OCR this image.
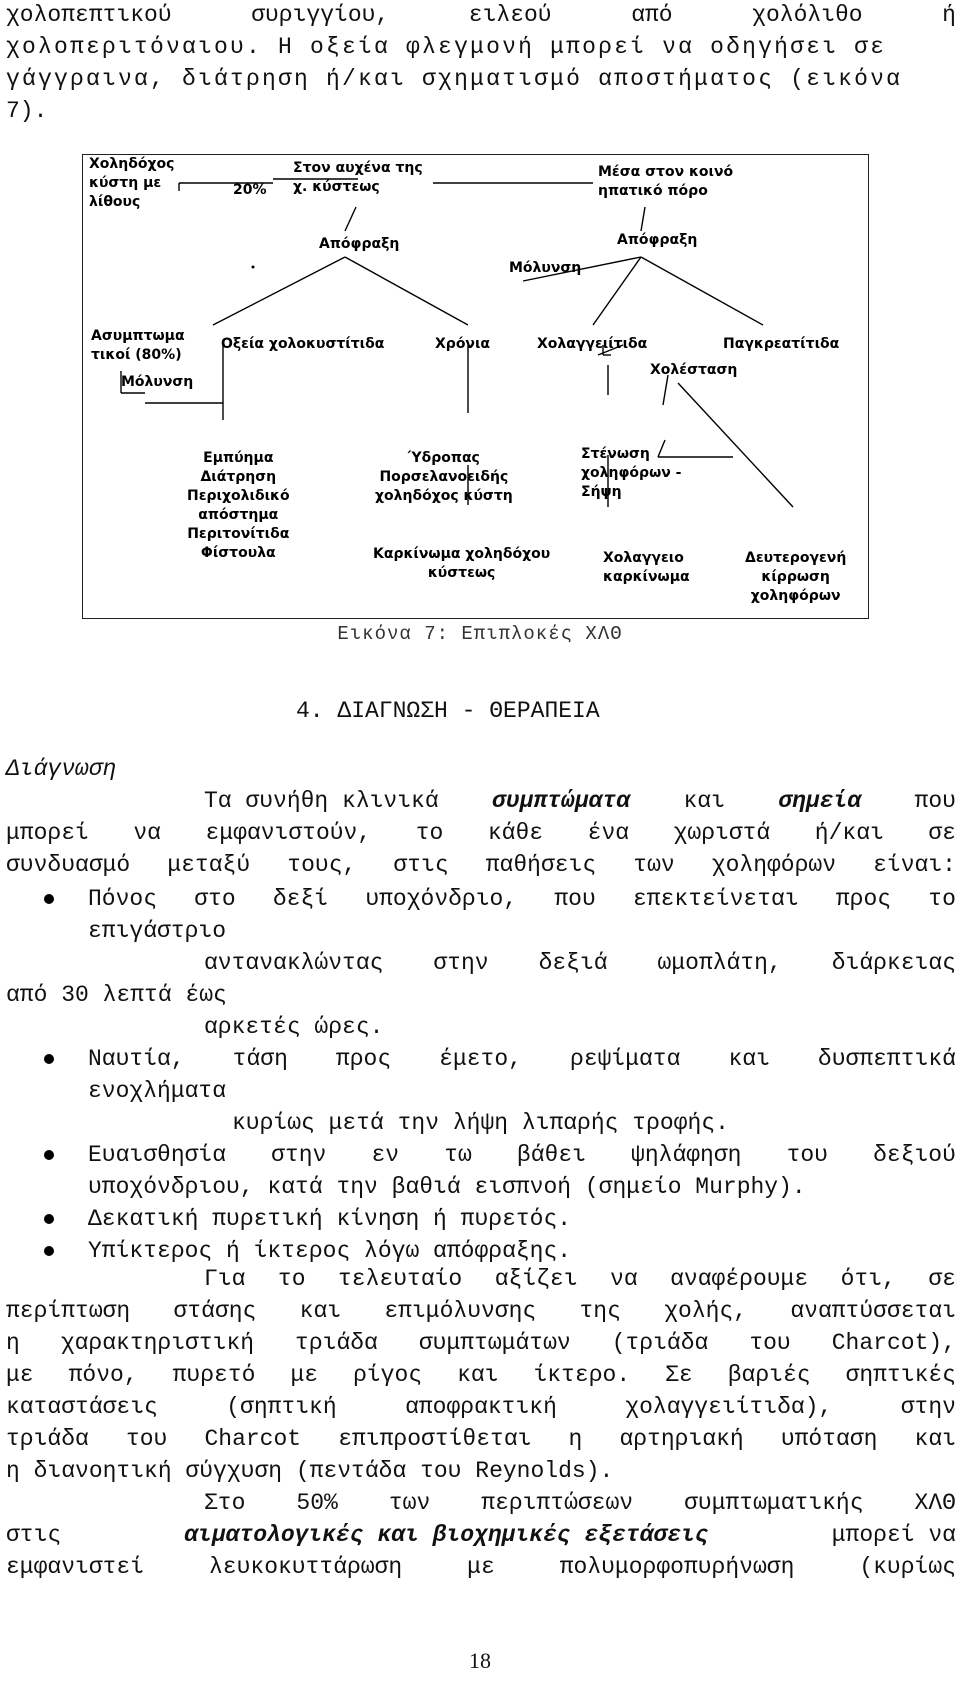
χολοπεπτικού	συριγγίου,	ειλεού	από	χολόλιθο	ή
χολοπεριτόναιου. Η οξεία φλεγμονή μπορεί να οδηγήσει σε
γάγγραινα, διάτρηση ή/και σχηματισμό αποστήματος (εικόνα
7).
Χοληδόχος
κύστη με
λίθους
20%
Στον αυχένα της
χ. κύστεως
Μέσα στον κοινό
ηπατικό πόρο
Απόφραξη	Απόφραξη
Μόλυνση
Ασυμπτωμα
τικοί (80%)
Οξεία χολοκυστίτιδα	Χρόνια	Χολαγγειίτιδα	Παγκρεατίτιδα
Χολέσταση
Μόλυνση
Εμπύημα
Διάτρηση
Περιχολιδικό
απόστημα
Περιτονίτιδα
Φίστουλα
Ύδροπας
Πορσελανοειδής
χοληδόχος κύστη
Στένωση
χοληφόρων -
Σήψη
Καρκίνωμα χοληδόχου
κύστεως
Χολαγγειο
καρκίνωμα
Δευτερογενή
κίρρωση
χοληφόρων
Εικόνα 7: Επιπλοκές ΧΛΘ
4. ΔΙΑΓΝΩΣΗ - ΘΕΡΑΠΕΙΑ
Διάγνωση
Τα συνήθη κλινικά συμπτώματα και σημεία που
μπορεί να εμφανιστούν, το κάθε ένα χωριστά ή/και σε
συνδυασμό μεταξύ τους, στις παθήσεις των χοληφόρων είναι:
Πόνος στο δεξί υποχόνδριο, που επεκτείνεται προς το
επιγάστριο
αντανακλώντας στην δεξιά ωμοπλάτη, διάρκειας
από 30 λεπτά έως
αρκετές ώρες.
Ναυτία, τάση προς έμετο, ρεψίματα και δυσπεπτικά
ενοχλήματα
κυρίως μετά την λήψη λιπαρής τροφής.
Ευαισθησία στην εν τω βάθει ψηλάφηση του δεξιού
υποχόνδριου, κατά την βαθιά εισπνοή (σημείο Murphy).
Δεκατική πυρετική κίνηση ή πυρετός.
Υπίκτερος ή ίκτερος λόγω απόφραξης.
Για το τελευταίο αξίζει να αναφέρουμε ότι, σε
περίπτωση στάσης και επιμόλυνσης της χολής, αναπτύσσεται
η χαρακτηριστική τριάδα συμπτωμάτων (τριάδα του Charcot),
με πόνο, πυρετό με ρίγος και ίκτερο. Σε βαριές σηπτικές
καταστάσεις	(σηπτική	αποφρακτική	χολαγγειίτιδα),	στην
τριάδα του Charcot επιπροστίθεται η αρτηριακή υπόταση και
η διανοητική σύγχυση (πεντάδα του Reynolds).
Στο 50% των περιπτώσεων συμπτωματικής ΧΛΘ
στις	αιματολογικές και βιοχημικές εξετάσεις	μπορεί να
εμφανιστεί	λευκοκυττάρωση	με	πολυμορφοπυρήνωση	(κυρίως
18
